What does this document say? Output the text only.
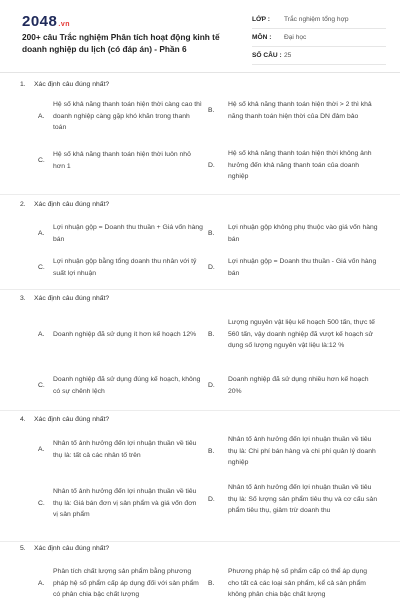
2048.vn
200+ câu Trắc nghiệm Phân tích hoạt động kinh tế doanh nghiệp du lịch (có đáp án) - Phần 6
LỚP :	Trắc nghiệm tổng hợp
MÔN :	Đại học
SỐ CÂU : 25
1. Xác định câu đúng nhất?
A.
Hệ số khả năng thanh toán hiện thời càng cao thì doanh nghiệp càng gặp khó khăn trong thanh toán
B.
Hệ số khả năng thanh toán hiện thời > 2 thì khả năng thanh toán hiện thời của DN đảm bảo
C.
Hệ số khả năng thanh toán hiện thời luôn nhỏ hơn 1	D.
Hệ số khả năng thanh toán hiện thời không ảnh hưởng đến khả năng thanh toán của doanh nghiệp
2. Xác định câu đúng nhất?
A.
Lợi nhuận gộp = Doanh thu thuần + Giá vốn hàng bán
B.
Lợi nhuận gộp không phụ thuộc vào giá vốn hàng bán
C.
Lợi nhuận gộp bằng tổng doanh thu nhân với tỷ suất lợi nhuận
D.
Lợi nhuận gộp = Doanh thu thuần - Giá vốn hàng bán
3. Xác định câu đúng nhất?
A.	Doanh nghiệp đã sử dụng ít hơn kế hoạch 12%	B.
Lượng nguyên vật liệu kế hoạch 500 tấn, thực tế 560 tấn, vậy doanh nghiệp đã vượt kế hoạch sử dụng số lượng nguyên vật liệu là:12 %
C.
Doanh nghiệp đã sử dụng đúng kế hoạch, không có sự chênh lệch
D.
Doanh nghiệp đã sử dụng nhiều hơn kế hoạch 20%
4. Xác định câu đúng nhất?
A.
Nhân tố ảnh hưởng đến lợi nhuận thuần về tiêu thụ là: tất cả các nhân tố trên
B.
Nhân tố ảnh hưởng đến lợi nhuận thuần về tiêu thụ là: Chi phí bán hàng và chi phí quản lý doanh nghiệp
C.
Nhân tố ảnh hưởng đến lợi nhuận thuần về tiêu thụ là: Giá bán đơn vị sản phẩm và giá vốn đơn vị sản phẩm
D.
Nhân tố ảnh hưởng đến lợi nhuận thuần về tiêu thụ là: Số lượng sản phẩm tiêu thụ và cơ cấu sản phẩm tiêu thụ, giảm trừ doanh thu
5. Xác định câu đúng nhất?
A.
Phân tích chất lượng sản phẩm bằng phương pháp hệ số phẩm cấp áp dụng đối với sản phẩm có phân chia bậc chất lượng
B.
Phương pháp hệ số phẩm cấp có thể áp dụng cho tất cả các loại sản phẩm, kể cả sản phẩm không phân chia bậc chất lượng
